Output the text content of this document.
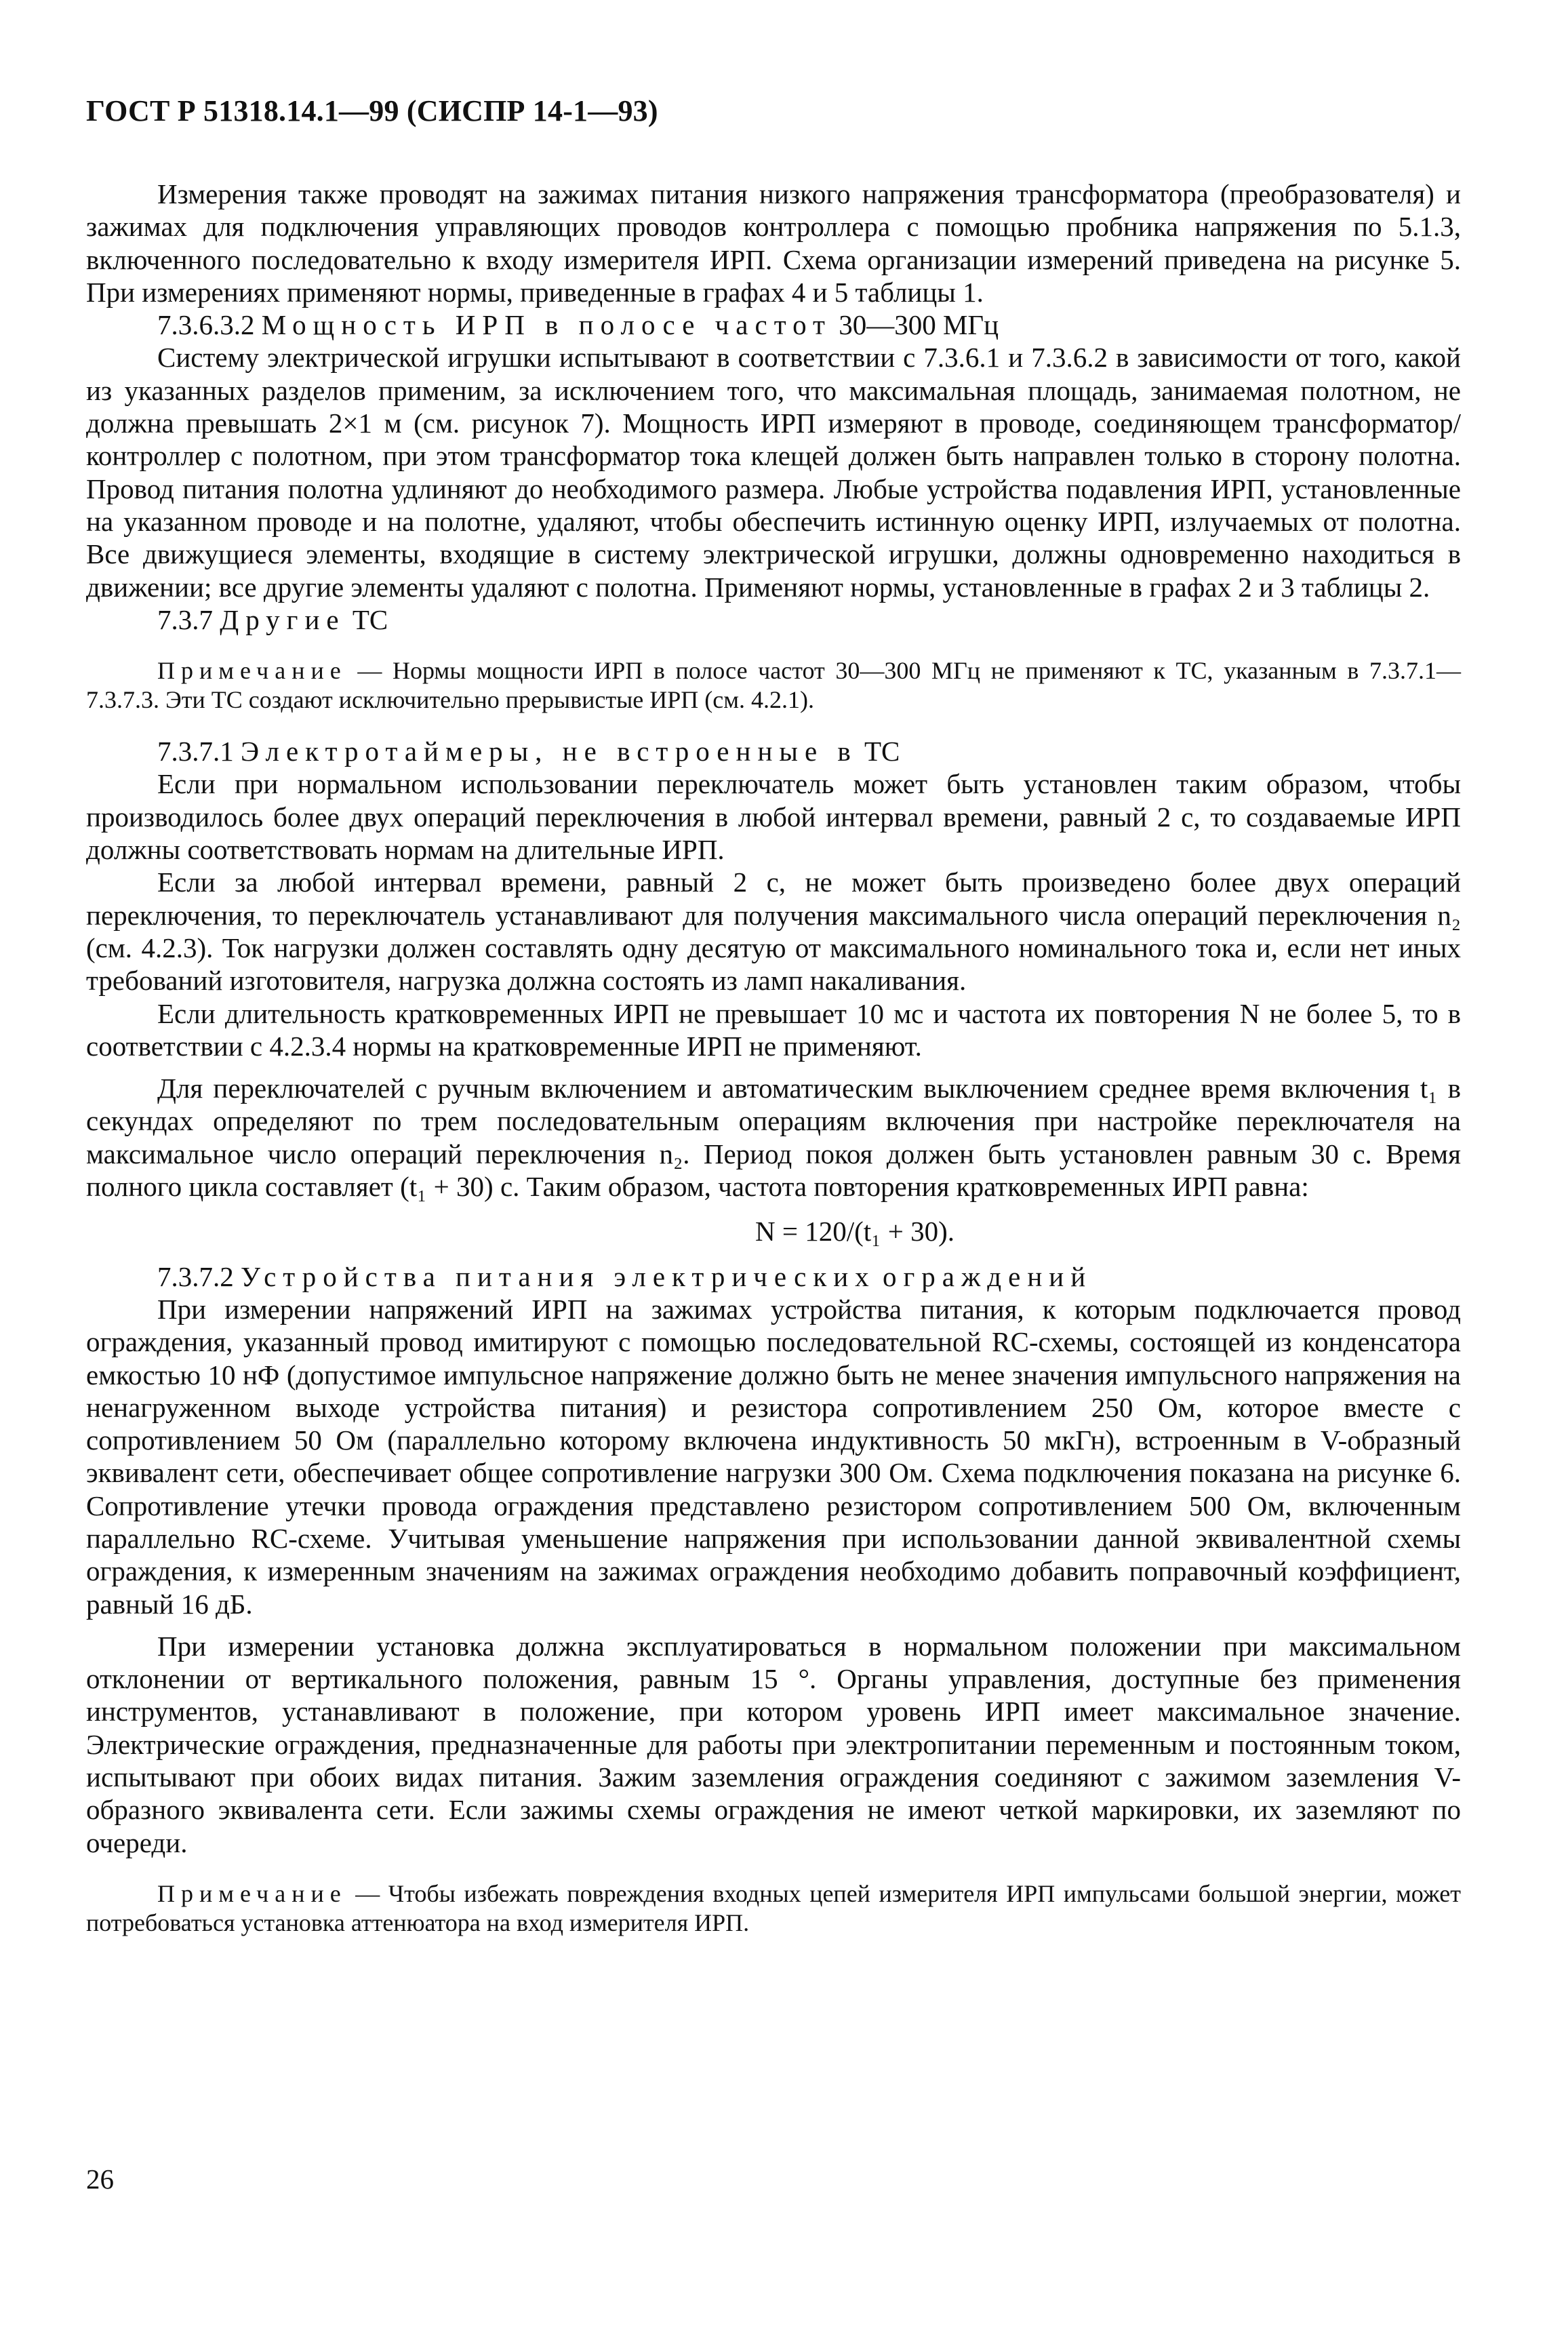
ГОСТ Р 51318.14.1—99 (СИСПР 14-1—93)

Измерения также проводят на зажимах питания низкого напряжения трансформатора (преобразователя) и зажимах для подключения управляющих проводов контроллера с помощью пробника напряжения по 5.1.3, включенного последовательно к входу измерителя ИРП. Схема организации измерений приведена на рисунке 5. При измерениях применяют нормы, приведенные в графах 4 и 5 таблицы 1.

7.3.6.3.2 Мощность ИРП в полосе частот 30—300 МГц

Систему электрической игрушки испытывают в соответствии с 7.3.6.1 и 7.3.6.2 в зависимости от того, какой из указанных разделов применим, за исключением того, что максимальная площадь, занимаемая полотном, не должна превышать 2×1 м (см. рисунок 7). Мощность ИРП измеряют в проводе, соединяющем трансформатор/контроллер с полотном, при этом трансформатор тока клещей должен быть направлен только в сторону полотна. Провод питания полотна удлиняют до необходимого размера. Любые устройства подавления ИРП, установленные на указанном проводе и на полотне, удаляют, чтобы обеспечить истинную оценку ИРП, излучаемых от полотна. Все движущиеся элементы, входящие в систему электрической игрушки, должны одновременно находиться в движении; все другие элементы удаляют с полотна. Применяют нормы, установленные в графах 2 и 3 таблицы 2.

7.3.7 Другие ТС

Примечание — Нормы мощности ИРП в полосе частот 30—300 МГц не применяют к ТС, указанным в 7.3.7.1—7.3.7.3. Эти ТС создают исключительно прерывистые ИРП (см. 4.2.1).

7.3.7.1 Электротаймеры, не встроенные в ТС

Если при нормальном использовании переключатель может быть установлен таким образом, чтобы производилось более двух операций переключения в любой интервал времени, равный 2 с, то создаваемые ИРП должны соответствовать нормам на длительные ИРП.

Если за любой интервал времени, равный 2 с, не может быть произведено более двух операций переключения, то переключатель устанавливают для получения максимального числа операций переключения n₂ (см. 4.2.3). Ток нагрузки должен составлять одну десятую от максимального номинального тока и, если нет иных требований изготовителя, нагрузка должна состоять из ламп накаливания.

Если длительность кратковременных ИРП не превышает 10 мс и частота их повторения N не более 5, то в соответствии с 4.2.3.4 нормы на кратковременные ИРП не применяют.

Для переключателей с ручным включением и автоматическим выключением среднее время включения t₁ в секундах определяют по трем последовательным операциям включения при настройке переключателя на максимальное число операций переключения n₂. Период покоя должен быть установлен равным 30 с. Время полного цикла составляет (t₁ + 30) с. Таким образом, частота повторения кратковременных ИРП равна:

N = 120/(t₁ + 30).

7.3.7.2 Устройства питания электрических ограждений

При измерении напряжений ИРП на зажимах устройства питания, к которым подключается провод ограждения, указанный провод имитируют с помощью последовательной RC-схемы, состоящей из конденсатора емкостью 10 нФ (допустимое импульсное напряжение должно быть не менее значения импульсного напряжения на ненагруженном выходе устройства питания) и резистора сопротивлением 250 Ом, которое вместе с сопротивлением 50 Ом (параллельно которому включена индуктивность 50 мкГн), встроенным в V-образный эквивалент сети, обеспечивает общее сопротивление нагрузки 300 Ом. Схема подключения показана на рисунке 6. Сопротивление утечки провода ограждения представлено резистором сопротивлением 500 Ом, включенным параллельно RC-схеме. Учитывая уменьшение напряжения при использовании данной эквивалентной схемы ограждения, к измеренным значениям на зажимах ограждения необходимо добавить поправочный коэффициент, равный 16 дБ.

При измерении установка должна эксплуатироваться в нормальном положении при максимальном отклонении от вертикального положения, равным 15 °. Органы управления, доступные без применения инструментов, устанавливают в положение, при котором уровень ИРП имеет максимальное значение. Электрические ограждения, предназначенные для работы при электропитании переменным и постоянным током, испытывают при обоих видах питания. Зажим заземления ограждения соединяют с зажимом заземления V-образного эквивалента сети. Если зажимы схемы ограждения не имеют четкой маркировки, их заземляют по очереди.

Примечание — Чтобы избежать повреждения входных цепей измерителя ИРП импульсами большой энергии, может потребоваться установка аттенюатора на вход измерителя ИРП.

26
